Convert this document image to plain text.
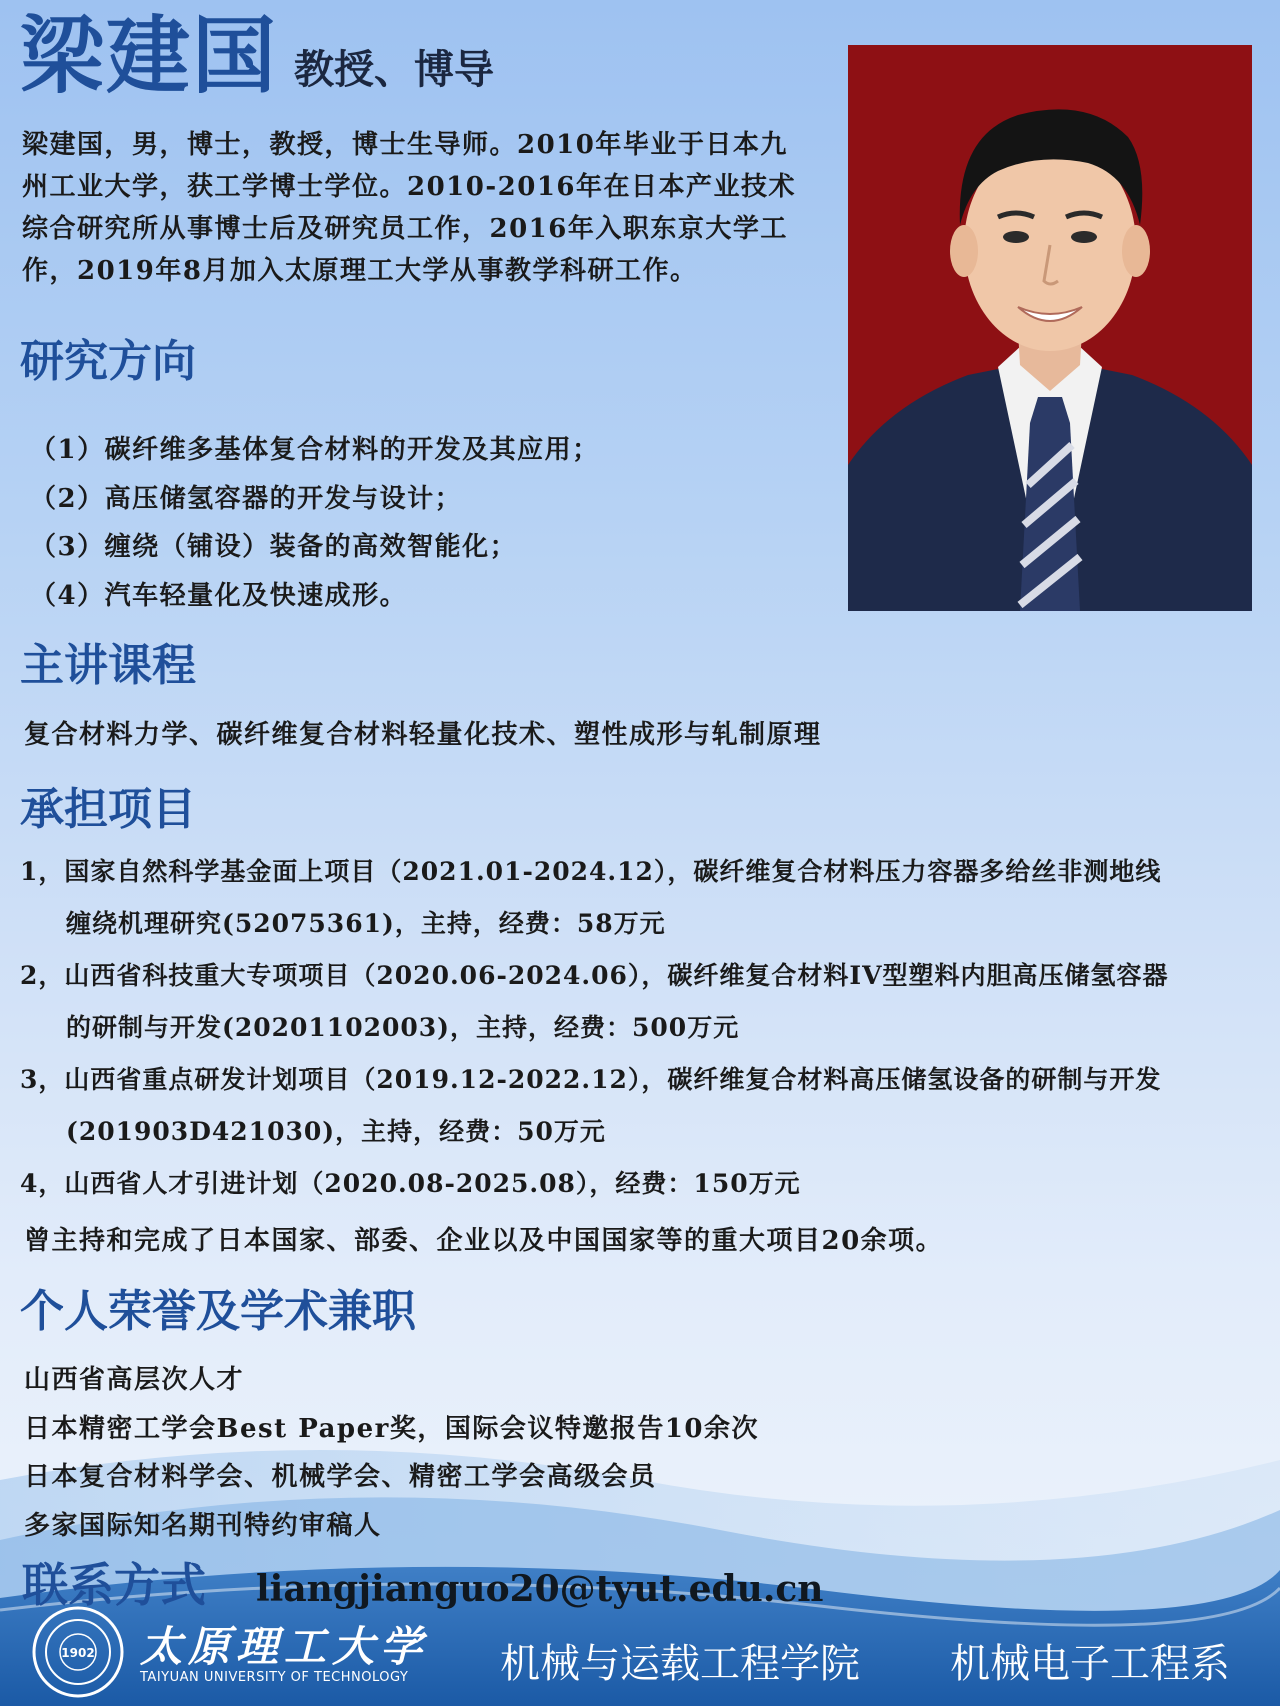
梁建国 教授、博导
梁建国，男，博士，教授，博士生导师。2010年毕业于日本九州工业大学，获工学博士学位。2010-2016年在日本产业技术综合研究所从事博士后及研究员工作，2016年入职东京大学工作，2019年8月加入太原理工大学从事教学科研工作。
研究方向
（1）碳纤维多基体复合材料的开发及其应用；
（2）高压储氢容器的开发与设计；
（3）缠绕（铺设）装备的高效智能化；
（4）汽车轻量化及快速成形。
主讲课程
复合材料力学、碳纤维复合材料轻量化技术、塑性成形与轧制原理
承担项目
1，国家自然科学基金面上项目（2021.01-2024.12），碳纤维复合材料压力容器多给丝非测地线
缠绕机理研究(52075361)，主持，经费：58万元
2，山西省科技重大专项项目（2020.06-2024.06），碳纤维复合材料IV型塑料内胆高压储氢容器
的研制与开发(20201102003)，主持，经费：500万元
3，山西省重点研发计划项目（2019.12-2022.12），碳纤维复合材料高压储氢设备的研制与开发
(201903D421030)，主持，经费：50万元
4，山西省人才引进计划（2020.08-2025.08），经费：150万元
曾主持和完成了日本国家、部委、企业以及中国国家等的重大项目20余项。
个人荣誉及学术兼职
山西省高层次人才
日本精密工学会Best Paper奖，国际会议特邀报告10余次
日本复合材料学会、机械学会、精密工学会高级会员
多家国际知名期刊特约审稿人
联系方式 liangjianguo20@tyut.edu.cn
1902 太原理工大学
TAIYUAN UNIVERSITY OF TECHNOLOGY 机械与运载工程学院 机械电子工程系
